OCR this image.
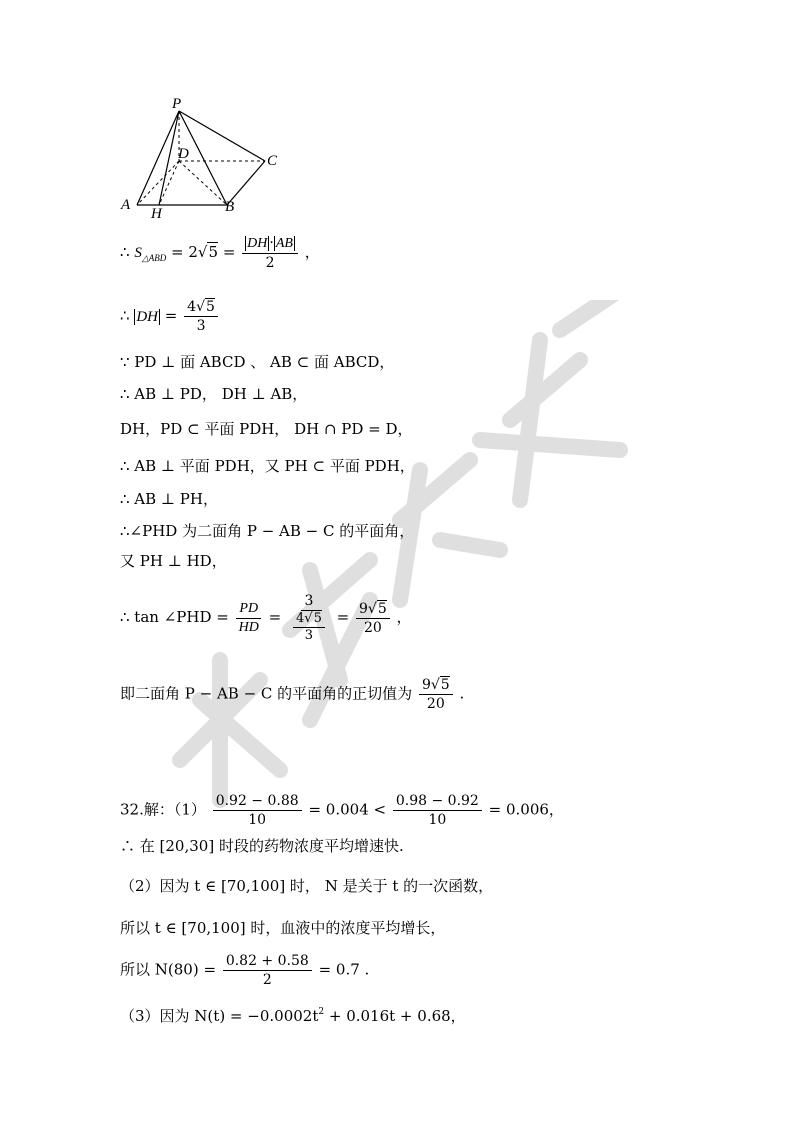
P
D	C
A
H	B
∴ $S_{\triangle ABD} = 2√5 = \frac{DH \cdot AB}{2}$ ，
∴ DH = $\frac{4√5}{3}$
∵ PD ⊥ 面 ABCD 、 AB ⊂ 面 ABCD，
∴ AB ⊥ PD， DH ⊥ AB，
DH，PD ⊂ 平面 PDH， DH ∩ PD = D，
∴ AB ⊥ 平面 PDH，又 PH ⊂ 平面 PDH，
∴ AB ⊥ PH，
∴∠PHD 为二面角 P − AB − C 的平面角，
又 PH ⊥ HD，
∴ tan ∠PHD = $\frac{PD}{HD} = \frac{3}{\frac{4√5}{3}} = \frac{9√5}{20}$ ，
即二面角 P − AB − C 的平面角的正切值为 $\frac{9√5}{20}$ .
32.解：$(1) \frac{0.92 - 0.88}{10} = 0.004 < \frac{0.98 - 0.92}{10} = 0.006$，
∴ 在 [20,30] 时段的药物浓度平均增速快.
（2）因为 t ∈ [70,100] 时， N 是关于 t 的一次函数，
所以 t ∈ [70,100] 时，血液中的浓度平均增长，
所以 $N(80) = \frac{0.82 + 0.58}{2} = 0.7$ .
（3）因为 $N(t) = -0.0002t^2 + 0.016t + 0.68$，
